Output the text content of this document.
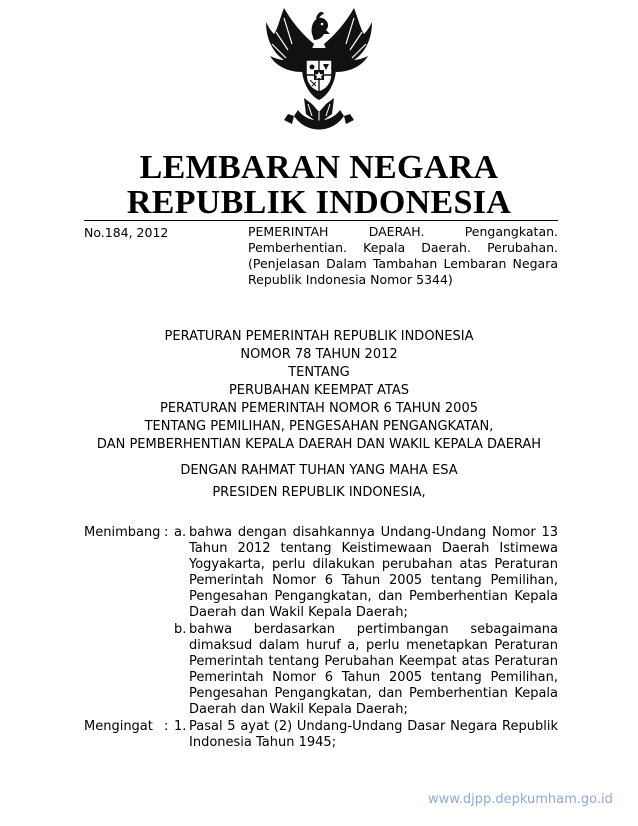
LEMBARAN NEGARA
REPUBLIK INDONESIA
No.184, 2012	PEMERINTAH DAERAH. Pengangkatan. Pemberhentian. Kepala Daerah. Perubahan. (Penjelasan Dalam Tambahan Lembaran Negara Republik Indonesia Nomor 5344)
PERATURAN PEMERINTAH REPUBLIK INDONESIA
NOMOR 78 TAHUN 2012
TENTANG
PERUBAHAN KEEMPAT ATAS
PERATURAN PEMERINTAH NOMOR 6 TAHUN 2005
TENTANG PEMILIHAN, PENGESAHAN PENGANGKATAN,
DAN PEMBERHENTIAN KEPALA DAERAH DAN WAKIL KEPALA DAERAH
DENGAN RAHMAT TUHAN YANG MAHA ESA
PRESIDEN REPUBLIK INDONESIA,
Menimbang : a. bahwa dengan disahkannya Undang-Undang Nomor 13 Tahun 2012 tentang Keistimewaan Daerah Istimewa Yogyakarta, perlu dilakukan perubahan atas Peraturan Pemerintah Nomor 6 Tahun 2005 tentang Pemilihan, Pengesahan Pengangkatan, dan Pemberhentian Kepala Daerah dan Wakil Kepala Daerah;
b. bahwa berdasarkan pertimbangan sebagaimana dimaksud dalam huruf a, perlu menetapkan Peraturan Pemerintah tentang Perubahan Keempat atas Peraturan Pemerintah Nomor 6 Tahun 2005 tentang Pemilihan, Pengesahan Pengangkatan, dan Pemberhentian Kepala Daerah dan Wakil Kepala Daerah;
Mengingat : 1. Pasal 5 ayat (2) Undang-Undang Dasar Negara Republik Indonesia Tahun 1945;
www.djpp.depkumham.go.id
